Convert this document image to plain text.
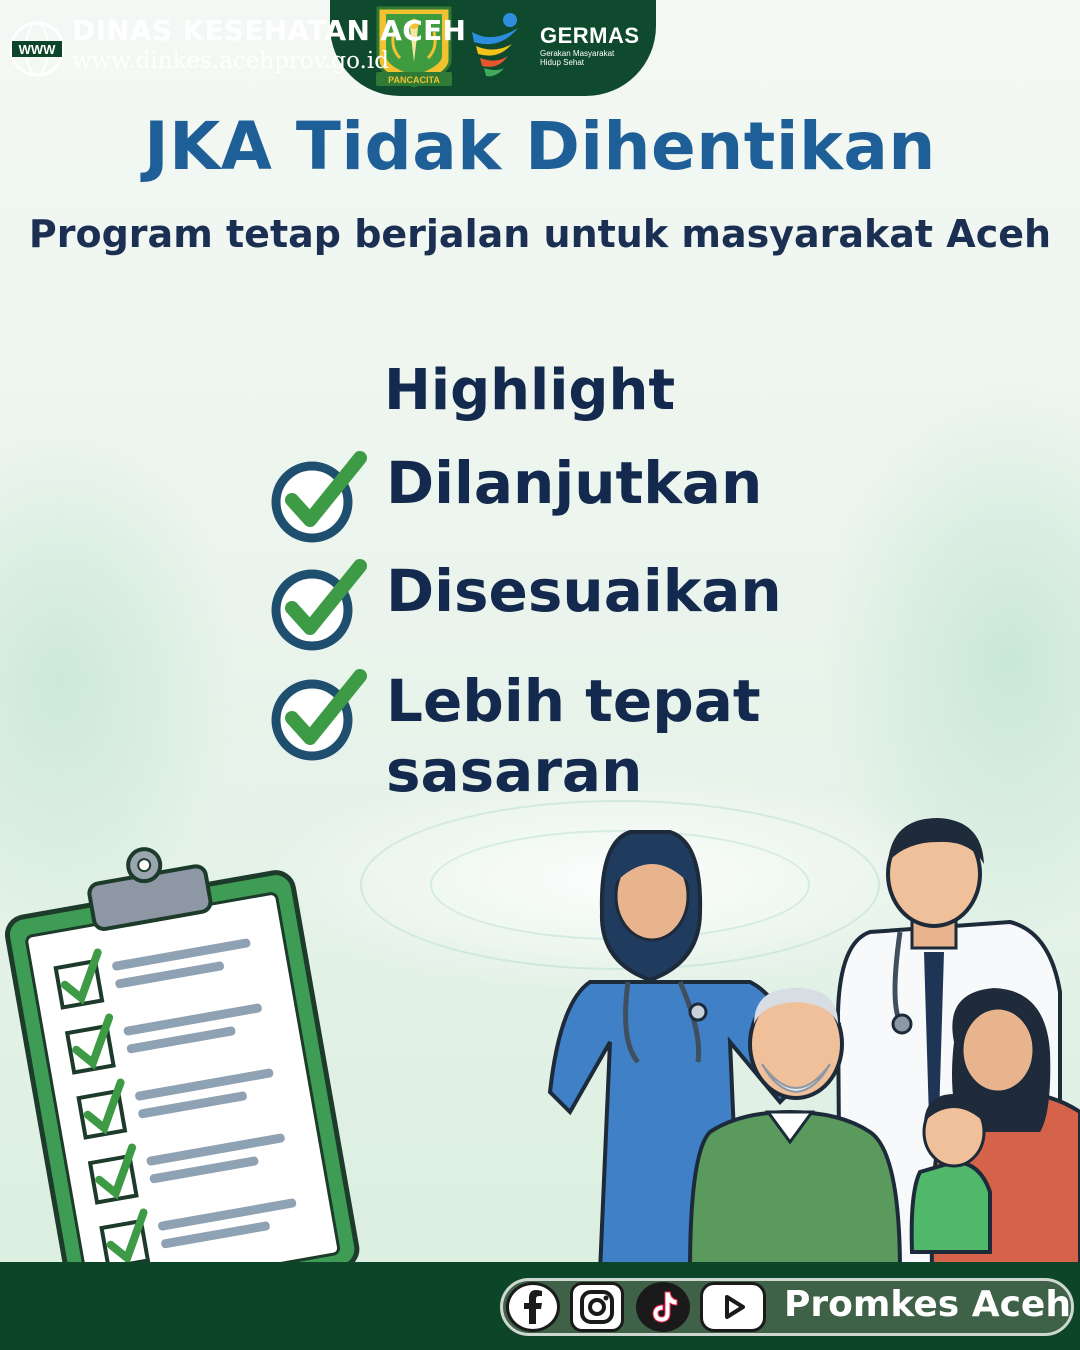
PANCACITA
GERMAS
Gerakan Masyarakat
Hidup Sehat
JKA Tidak Dihentikan
Program tetap berjalan untuk masyarakat Aceh
Highlight
Dilanjutkan
Disesuaikan
Lebih tepat
sasaran
WWW
DINAS KESEHATAN ACEH
www.dinkes.acehprov.go.id
Promkes Aceh
